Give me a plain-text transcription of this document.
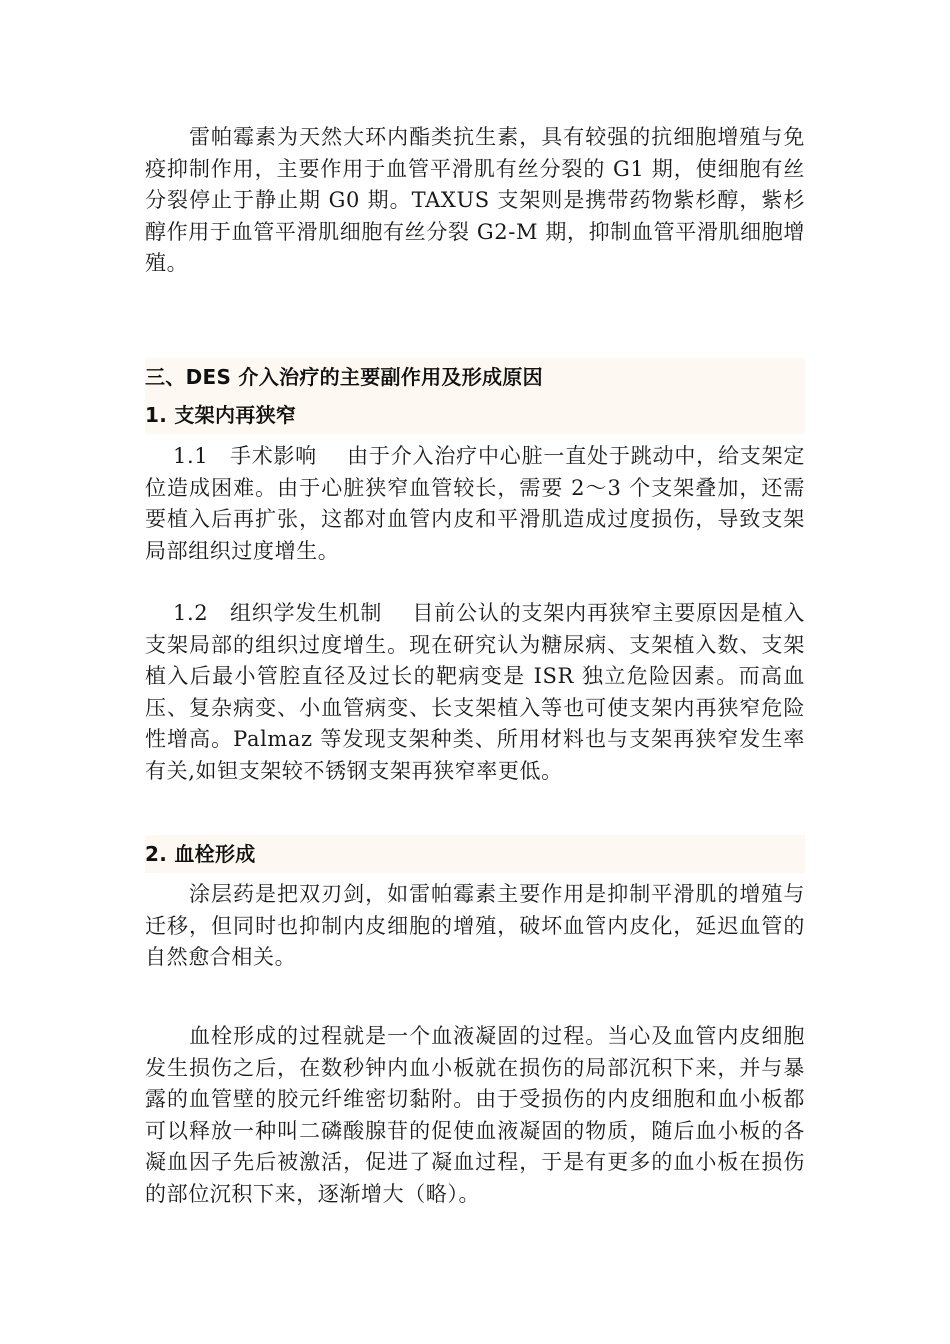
雷帕霉素为天然大环内酯类抗生素，具有较强的抗细胞增殖与免疫抑制作用，主要作用于血管平滑肌有丝分裂的 G1 期，使细胞有丝分裂停止于静止期 G0 期。TAXUS 支架则是携带药物紫杉醇，紫杉醇作用于血管平滑肌细胞有丝分裂 G2-M 期，抑制血管平滑肌细胞增殖。

三、DES 介入治疗的主要副作用及形成原因
1. 支架内再狭窄

1.1  手术影响 由于介入治疗中心脏一直处于跳动中，给支架定位造成困难。由于心脏狭窄血管较长，需要 2～3 个支架叠加，还需要植入后再扩张，这都对血管内皮和平滑肌造成过度损伤，导致支架局部组织过度增生。

1.2  组织学发生机制 目前公认的支架内再狭窄主要原因是植入支架局部的组织过度增生。现在研究认为糖尿病、支架植入数、支架植入后最小管腔直径及过长的靶病变是 ISR 独立危险因素。而高血压、复杂病变、小血管病变、长支架植入等也可使支架内再狭窄危险性增高。Palmaz 等发现支架种类、所用材料也与支架再狭窄发生率有关,如钽支架较不锈钢支架再狭窄率更低。

2. 血栓形成

涂层药是把双刃剑，如雷帕霉素主要作用是抑制平滑肌的增殖与迁移，但同时也抑制内皮细胞的增殖，破坏血管内皮化，延迟血管的自然愈合相关。

血栓形成的过程就是一个血液凝固的过程。当心及血管内皮细胞发生损伤之后，在数秒钟内血小板就在损伤的局部沉积下来，并与暴露的血管壁的胶元纤维密切黏附。由于受损伤的内皮细胞和血小板都可以释放一种叫二磷酸腺苷的促使血液凝固的物质，随后血小板的各凝血因子先后被激活，促进了凝血过程，于是有更多的血小板在损伤的部位沉积下来，逐渐增大（略）。
